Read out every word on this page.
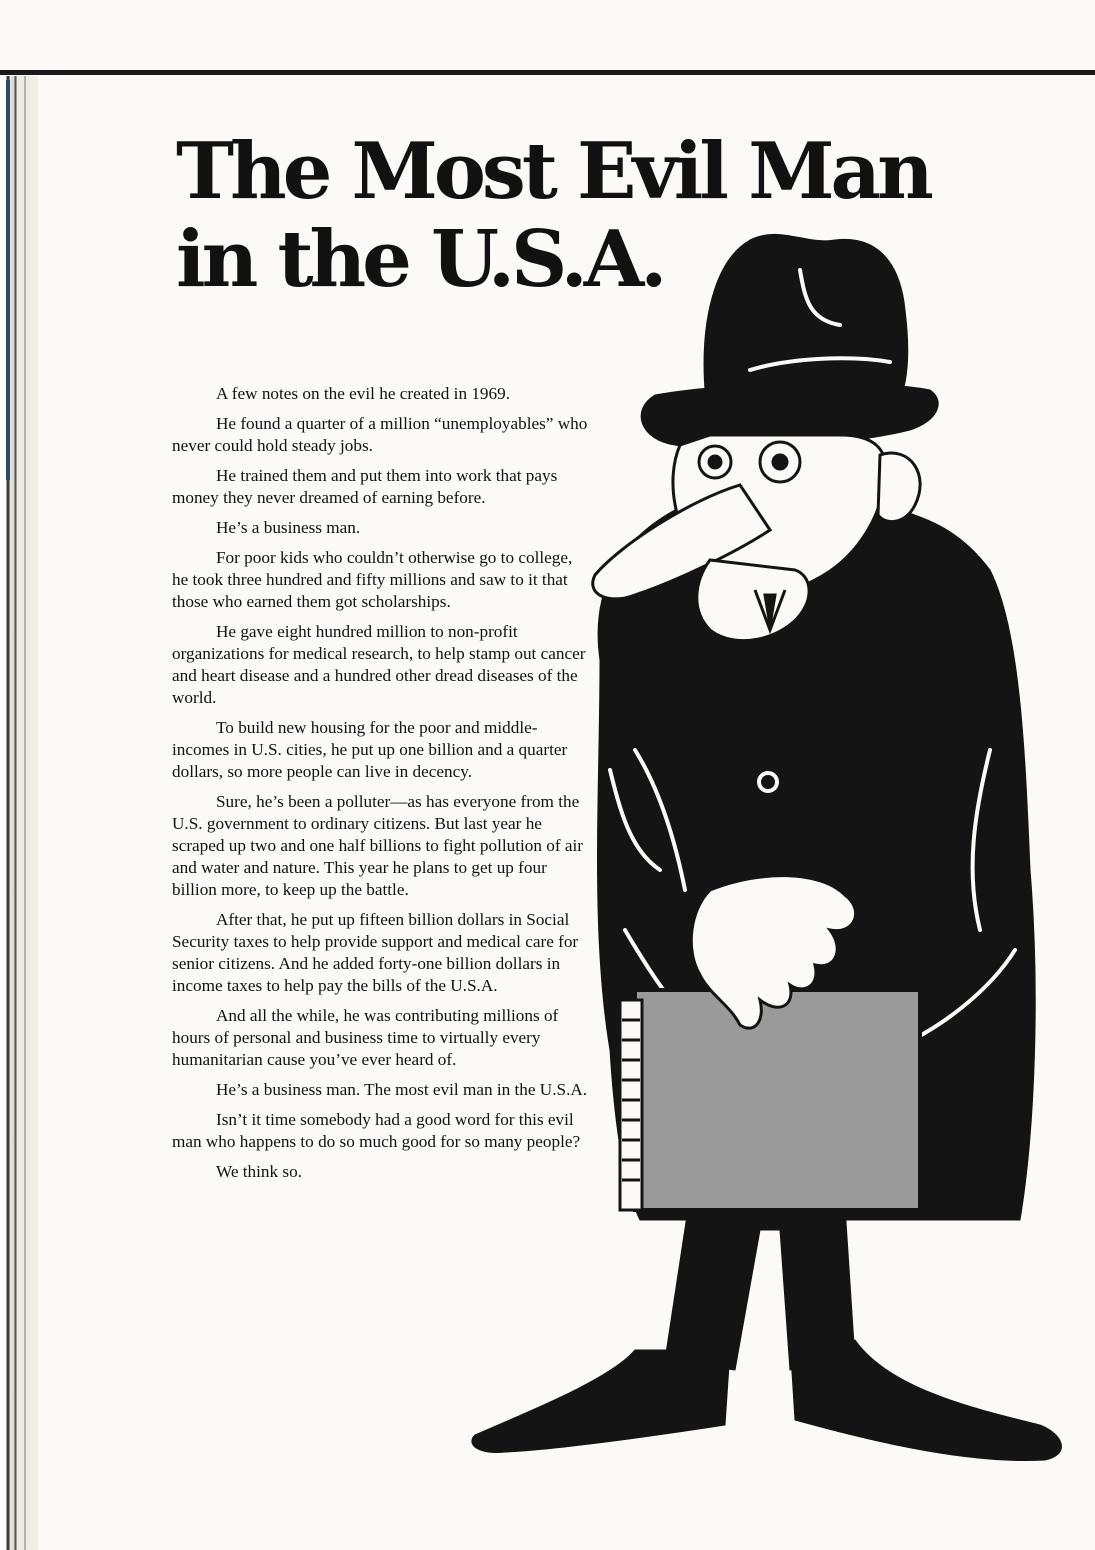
The Most Evil Man
in the U.S.A.

A few notes on the evil he created in 1969.

He found a quarter of a million “unemployables” who never could hold steady jobs.

He trained them and put them into work that pays money they never dreamed of earning before.

He’s a business man.

For poor kids who couldn’t otherwise go to college, he took three hundred and fifty millions and saw to it that those who earned them got scholarships.

He gave eight hundred million to non-profit organizations for medical research, to help stamp out cancer and heart disease and a hundred other dread diseases of the world.

To build new housing for the poor and middle-incomes in U.S. cities, he put up one billion and a quarter dollars, so more people can live in decency.

Sure, he’s been a polluter—as has everyone from the U.S. government to ordinary citizens. But last year he scraped up two and one half billions to fight pollution of air and water and nature. This year he plans to get up four billion more, to keep up the battle.

After that, he put up fifteen billion dollars in Social Security taxes to help provide support and medical care for senior citizens. And he added forty-one billion dollars in income taxes to help pay the bills of the U.S.A.

And all the while, he was contributing millions of hours of personal and business time to virtually every humanitarian cause you’ve ever heard of.

He’s a business man. The most evil man in the U.S.A.

Isn’t it time somebody had a good word for this evil man who happens to do so much good for so many people?

We think so.
